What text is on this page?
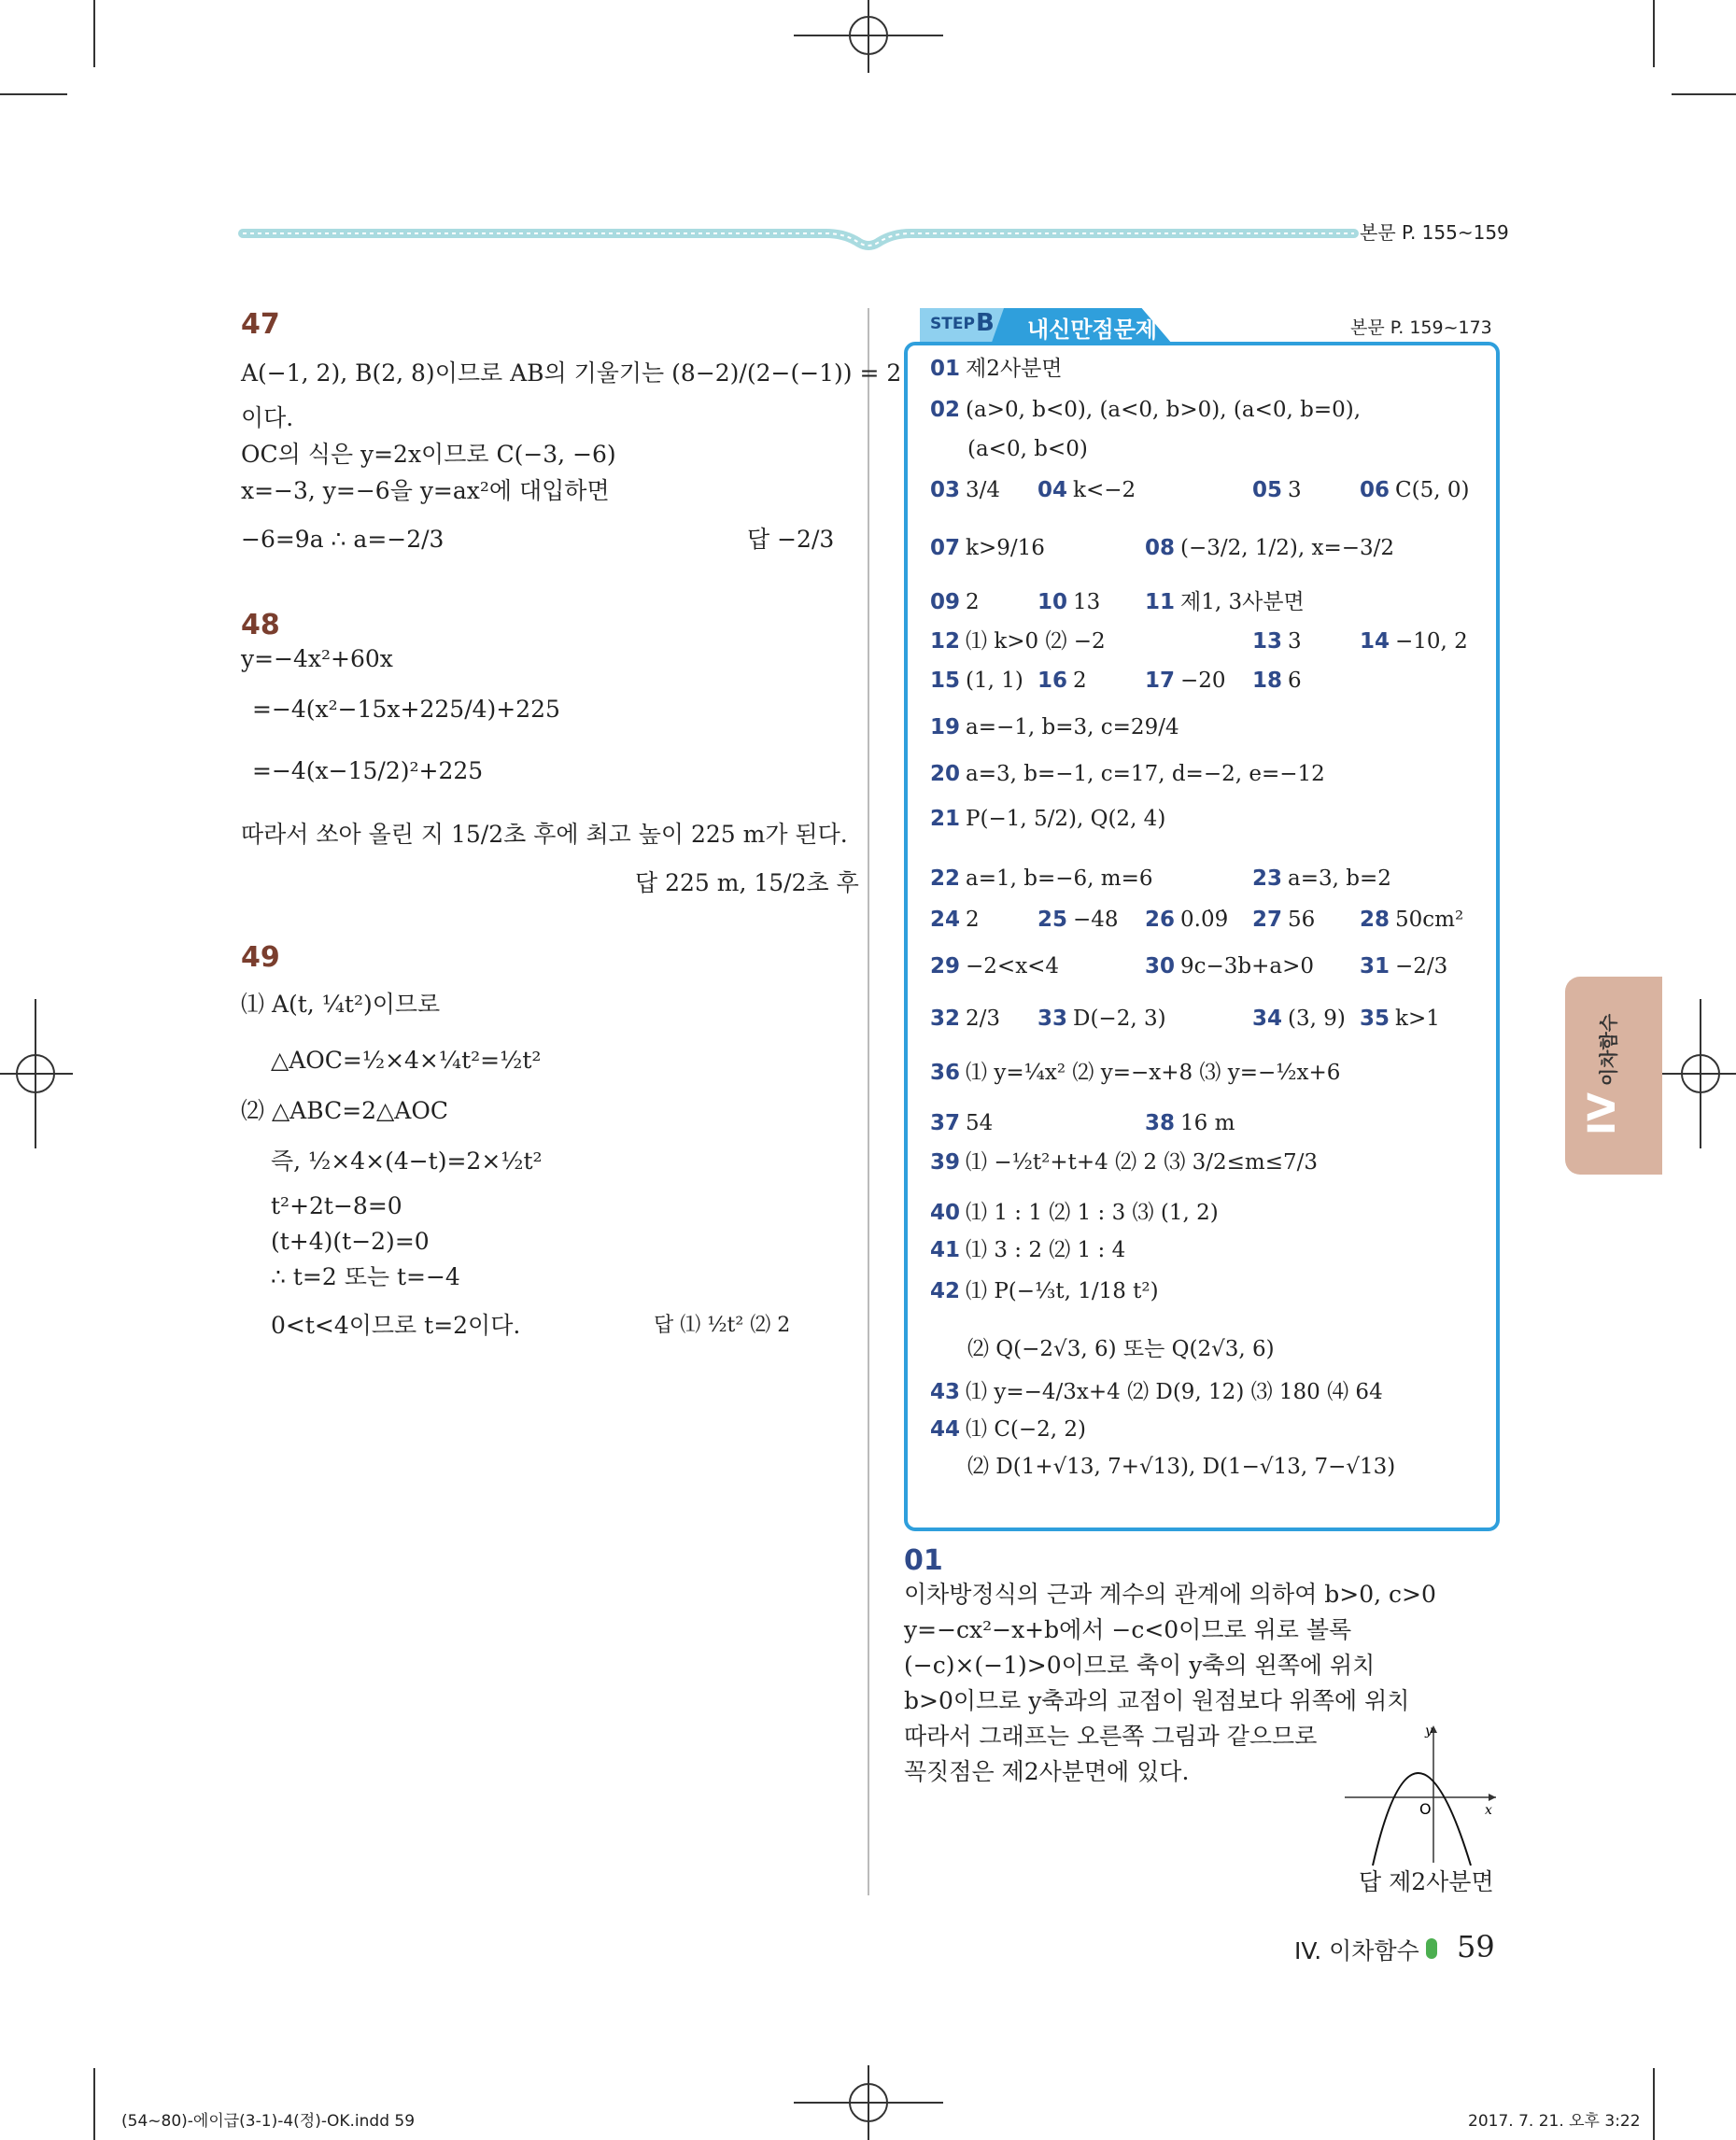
본문 P. 155~159
47
A(−1, 2), B(2, 8)이므로 AB의 기울기는 (8−2)/(2−(−1)) = 2
이다.
OC의 식은 y=2x이므로 C(−3, −6)
x=−3, y=−6을 y=ax²에 대입하면
−6=9a ∴ a=−2/3	답 −2/3
48
y=−4x²+60x
=−4(x²−15x+225/4)+225
=−4(x−15/2)²+225
따라서 쏘아 올린 지 15/2초 후에 최고 높이 225 m가 된다.
답 225 m, 15/2초 후
49
⑴ A(t, ¼t²)이므로
△AOC=½×4×¼t²=½t²
⑵ △ABC=2△AOC
즉, ½×4×(4−t)=2×½t²
t²+2t−8=0
(t+4)(t−2)=0
∴ t=2 또는 t=−4
0<t<4이므로 t=2이다.	답 ⑴ ½t² ⑵ 2
STEP B 내신만점문제	본문 P. 159~173
01 제2사분면
02 (a>0, b<0), (a<0, b>0), (a<0, b=0),
(a<0, b<0)
03 3/4 04 k<−2	05 3	06 C(5, 0)
07 k>9/16	08 (−3/2, 1/2), x=−3/2
09 2	10 13 11 제1, 3사분면
12 ⑴ k>0 ⑵ −2	13 3	14 −10, 2
15 (1, 1) 16 2	17 −20 18 6
19 a=−1, b=3, c=29/4
20 a=3, b=−1, c=17, d=−2, e=−12
21 P(−1, 5/2), Q(2, 4)
22 a=1, b=−6, m=6	23 a=3, b=2
24 2	25 −48 26 0.0̇9̇ 27 56 28 50cm²
29 −2<x<4	30 9c−3b+a>0 31 −2/3
32 2/3 33 D(−2, 3)	34 (3, 9) 35 k>1
36 ⑴ y=¼x² ⑵ y=−x+8 ⑶ y=−½x+6
37 54	38 16 m
39 ⑴ −½t²+t+4 ⑵ 2 ⑶ 3/2≤m≤7/3
40 ⑴ 1 : 1 ⑵ 1 : 3 ⑶ (1, 2)
41 ⑴ 3 : 2 ⑵ 1 : 4
42 ⑴ P(−⅓t, 1/18 t²)
⑵ Q(−2√3, 6) 또는 Q(2√3, 6)
43 ⑴ y=−4/3x+4 ⑵ D(9, 12) ⑶ 180 ⑷ 64
44 ⑴ C(−2, 2)
⑵ D(1+√13, 7+√13), D(1−√13, 7−√13)
01
이차방정식의 근과 계수의 관계에 의하여 b>0, c>0
y=−cx²−x+b에서 −c<0이므로 위로 볼록
(−c)×(−1)>0이므로 축이 y축의 왼쪽에 위치
b>0이므로 y축과의 교점이 원점보다 위쪽에 위치
따라서 그래프는 오른쪽 그림과 같으므로
꼭짓점은 제2사분면에 있다.
y
x
O
답 제2사분면
IV
이차함수
IV. 이차함수 59
(54~80)-에이급(3-1)-4(정)-OK.indd 59	2017. 7. 21. 오후 3:22
